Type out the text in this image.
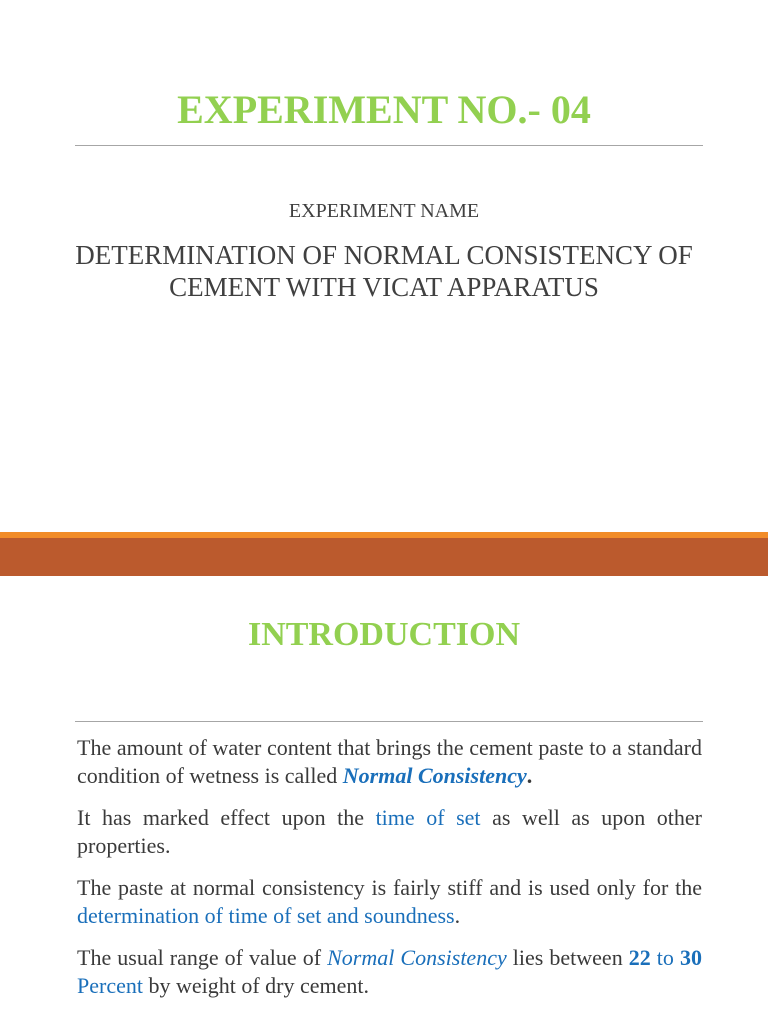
EXPERIMENT NO.- 04
EXPERIMENT NAME
DETERMINATION OF NORMAL CONSISTENCY OF
CEMENT WITH VICAT APPARATUS
INTRODUCTION

The amount of water content that brings the cement paste to a standard condition of wetness is called Normal Consistency.

It has marked effect upon the time of set as well as upon other properties.

The paste at normal consistency is fairly stiff and is used only for the determination of time of set and soundness.

The usual range of value of Normal Consistency lies between 22 to 30 Percent by weight of dry cement.
